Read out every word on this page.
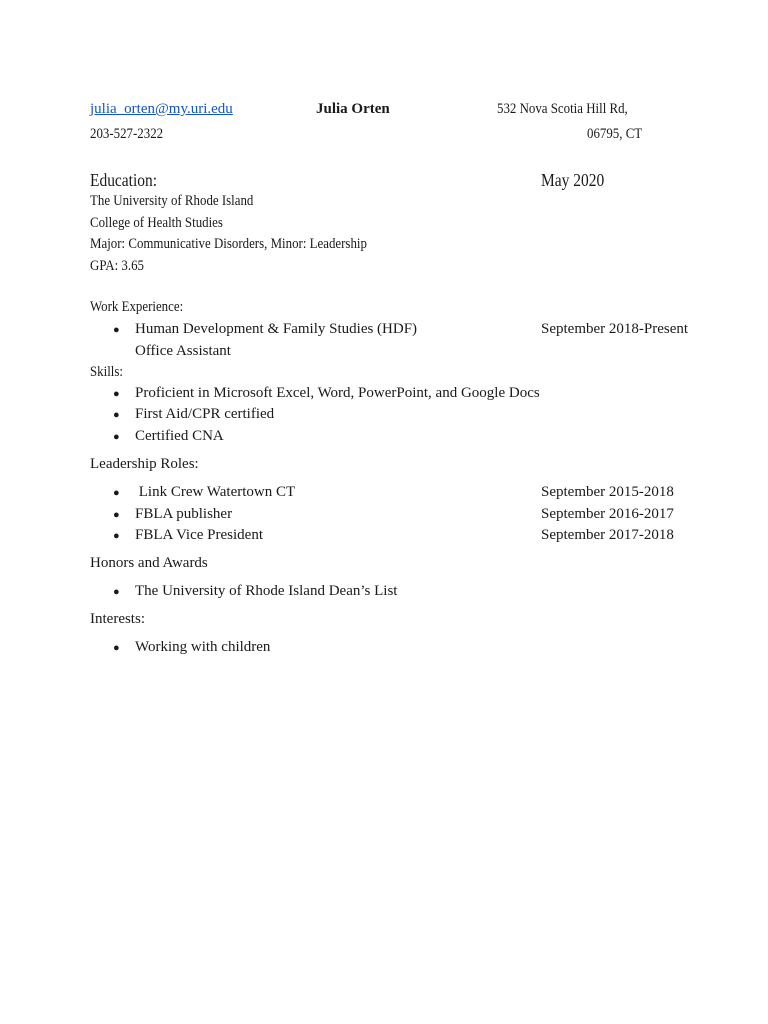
julia_orten@my.uri.edu	Julia Orten	532 Nova Scotia Hill Rd,
203-527-2322	06795, CT
Education:	May 2020
The University of Rhode Island
College of Health Studies
Major: Communicative Disorders, Minor: Leadership
GPA: 3.65
Work Experience:
● Human Development & Family Studies (HDF)	September 2018-Present
Office Assistant
Skills:
● Proficient in Microsoft Excel, Word, PowerPoint, and Google Docs
● First Aid/CPR certified
● Certified CNA
Leadership Roles:
● Link Crew Watertown CT	September 2015-2018
● FBLA publisher	September 2016-2017
● FBLA Vice President	September 2017-2018
Honors and Awards
● The University of Rhode Island Dean’s List
Interests:
● Working with children
